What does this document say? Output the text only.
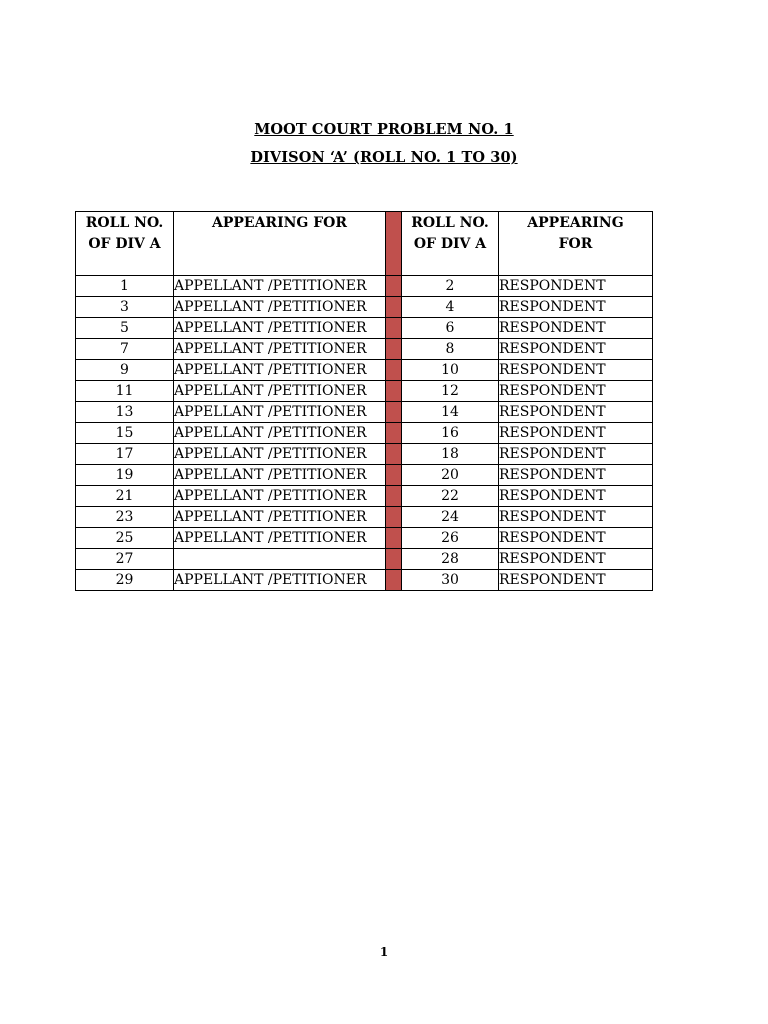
MOOT COURT PROBLEM NO. 1
DIVISON ‘A’ (ROLL NO. 1 TO 30)
ROLL NO. OF DIV A	APPEARING FOR		ROLL NO. OF DIV A	APPEARING FOR
1	APPELLANT /PETITIONER		2	RESPONDENT
3	APPELLANT /PETITIONER		4	RESPONDENT
5	APPELLANT /PETITIONER		6	RESPONDENT
7	APPELLANT /PETITIONER		8	RESPONDENT
9	APPELLANT /PETITIONER		10	RESPONDENT
11	APPELLANT /PETITIONER		12	RESPONDENT
13	APPELLANT /PETITIONER		14	RESPONDENT
15	APPELLANT /PETITIONER		16	RESPONDENT
17	APPELLANT /PETITIONER		18	RESPONDENT
19	APPELLANT /PETITIONER		20	RESPONDENT
21	APPELLANT /PETITIONER		22	RESPONDENT
23	APPELLANT /PETITIONER		24	RESPONDENT
25	APPELLANT /PETITIONER		26	RESPONDENT
27			28	RESPONDENT
29	APPELLANT /PETITIONER		30	RESPONDENT
1
